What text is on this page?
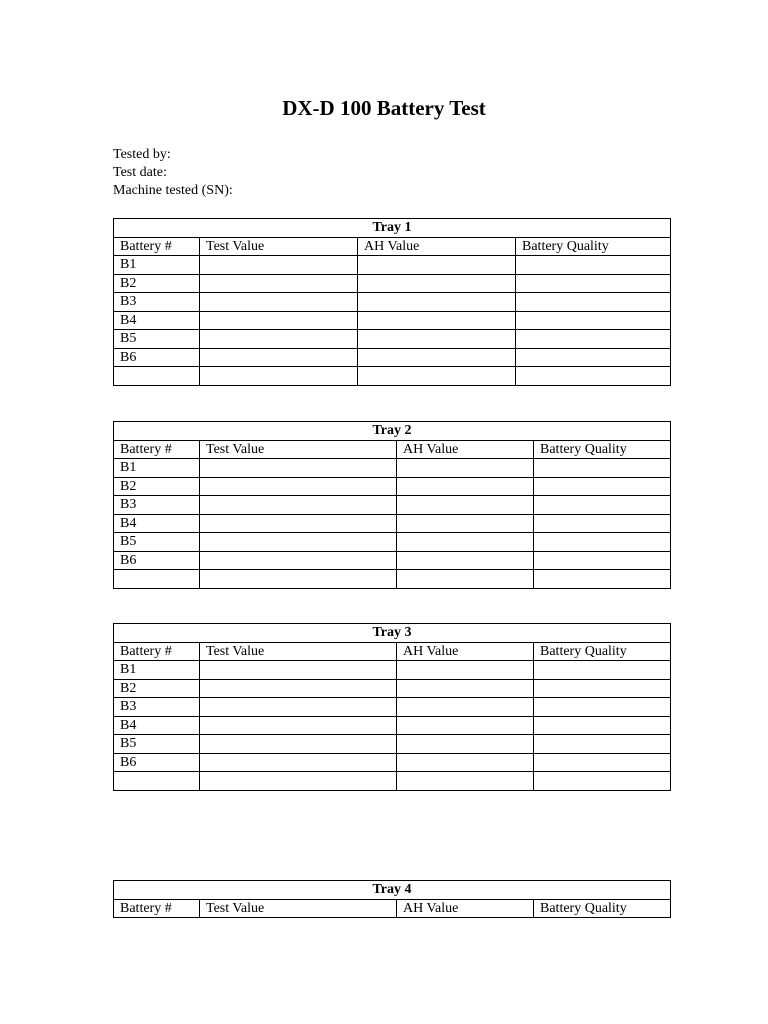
DX-D 100 Battery Test
Tested by:
Test date:
Machine tested (SN):
Tray 1			
Battery #	Test Value	AH Value	Battery Quality
B1			
B2			
B3			
B4			
B5			
B6			

Tray 2			
Battery #	Test Value	AH Value	Battery Quality
B1			
B2			
B3			
B4			
B5			
B6			

Tray 3			
Battery #	Test Value	AH Value	Battery Quality
B1			
B2			
B3			
B4			
B5			
B6			

Tray 4
Battery #	Test Value	AH Value	Battery Quality
